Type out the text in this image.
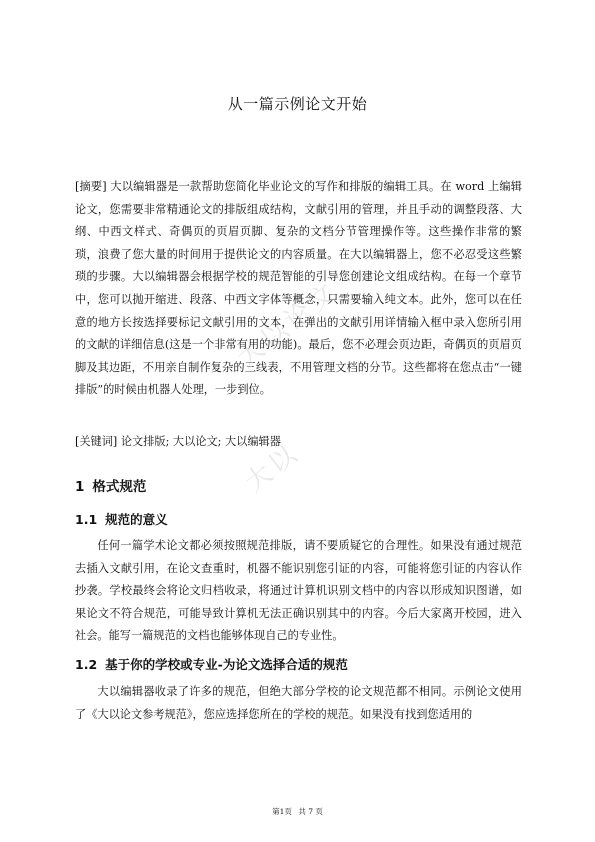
大以论文
大以
从一篇示例论文开始
[摘要] 大以编辑器是一款帮助您简化毕业论文的写作和排版的编辑工具。在 word 上编辑论文，您需要非常精通论文的排版组成结构，文献引用的管理，并且手动的调整段落、大纲、中西文样式、奇偶页的页眉页脚、复杂的文档分节管理操作等。这些操作非常的繁琐，浪费了您大量的时间用于提供论文的内容质量。在大以编辑器上，您不必忍受这些繁琐的步骤。大以编辑器会根据学校的规范智能的引导您创建论文组成结构。在每一个章节中，您可以抛开缩进、段落、中西文字体等概念，只需要输入纯文本。此外，您可以在任意的地方长按选择要标记文献引用的文本，在弹出的文献引用详情输入框中录入您所引用的文献的详细信息(这是一个非常有用的功能)。最后，您不必理会页边距，奇偶页的页眉页脚及其边距，不用亲自制作复杂的三线表，不用管理文档的分节。这些都将在您点击“一键排版”的时候由机器人处理，一步到位。
[关键词] 论文排版; 大以论文; 大以编辑器
1 格式规范
1.1 规范的意义

任何一篇学术论文都必须按照规范排版，请不要质疑它的合理性。如果没有通过规范去插入文献引用，在论文查重时，机器不能识别您引证的内容，可能将您引证的内容认作抄袭。学校最终会将论文归档收录，将通过计算机识别文档中的内容以形成知识图谱，如果论文不符合规范，可能导致计算机无法正确识别其中的内容。今后大家离开校园，进入社会。能写一篇规范的文档也能够体现自己的专业性。

1.2 基于你的学校或专业-为论文选择合适的规范

大以编辑器收录了许多的规范，但绝大部分学校的论文规范都不相同。示例论文使用了《大以论文参考规范》，您应选择您所在的学校的规范。如果没有找到您适用的

第1页 共 7 页
